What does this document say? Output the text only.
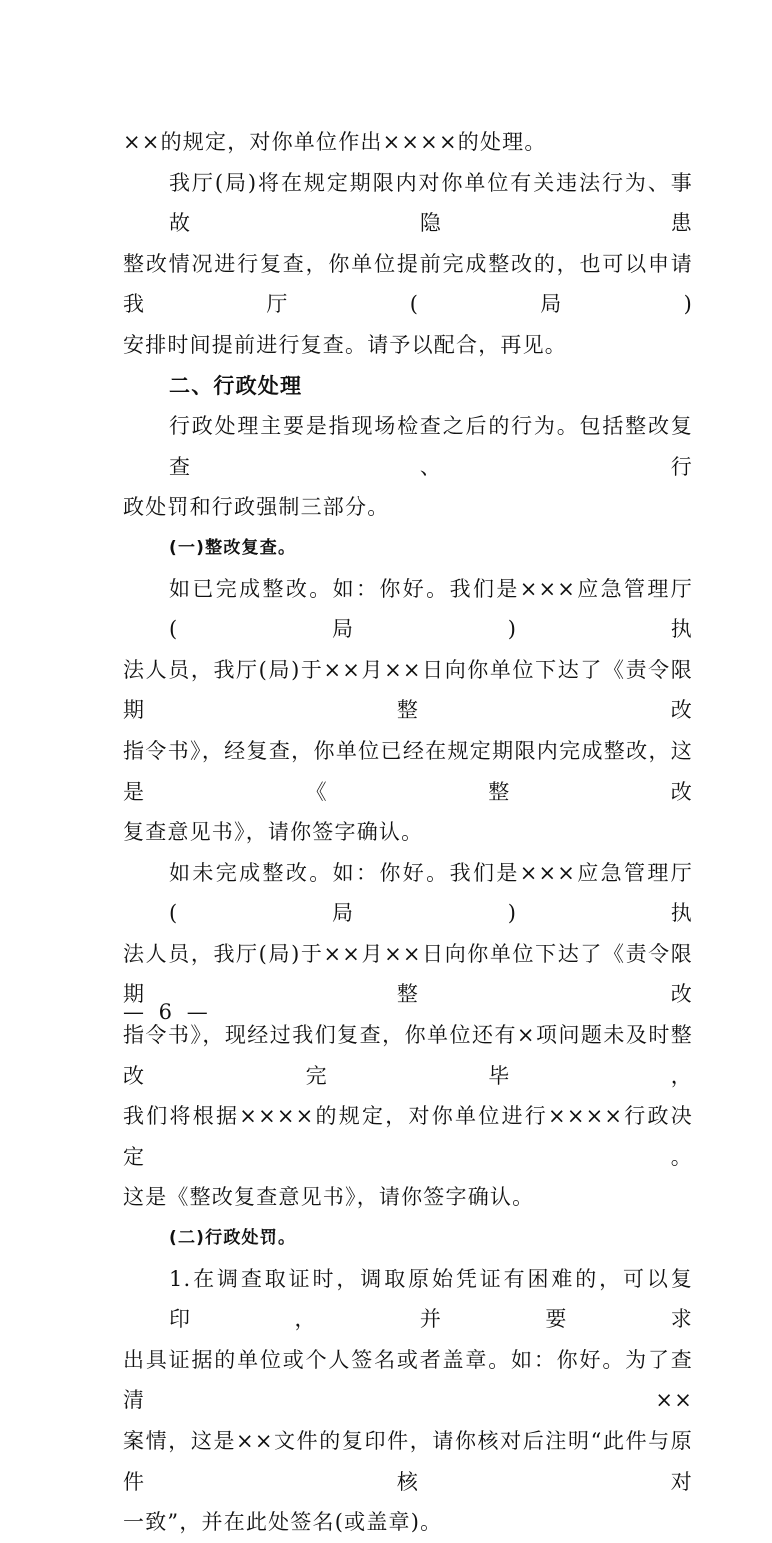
××的规定，对你单位作出××××的处理。
我厅(局)将在规定期限内对你单位有关违法行为、事故隐患
整改情况进行复查，你单位提前完成整改的，也可以申请我厅(局)
安排时间提前进行复查。请予以配合，再见。
二、行政处理
行政处理主要是指现场检查之后的行为。包括整改复查、行
政处罚和行政强制三部分。
(一)整改复查。
如已完成整改。如：你好。我们是×××应急管理厅(局)执
法人员，我厅(局)于××月××日向你单位下达了《责令限期整改
指令书》，经复查，你单位已经在规定期限内完成整改，这是《整改
复查意见书》，请你签字确认。
如未完成整改。如：你好。我们是×××应急管理厅(局)执
法人员，我厅(局)于××月××日向你单位下达了《责令限期整改
指令书》，现经过我们复查，你单位还有×项问题未及时整改完毕，
我们将根据××××的规定，对你单位进行××××行政决定。
这是《整改复查意见书》，请你签字确认。
(二)行政处罚。
1.在调查取证时，调取原始凭证有困难的，可以复印，并要求
出具证据的单位或个人签名或者盖章。如：你好。为了查清××
案情，这是××文件的复印件，请你核对后注明“此件与原件核对
一致”，并在此处签名(或盖章)。
— 6 —
